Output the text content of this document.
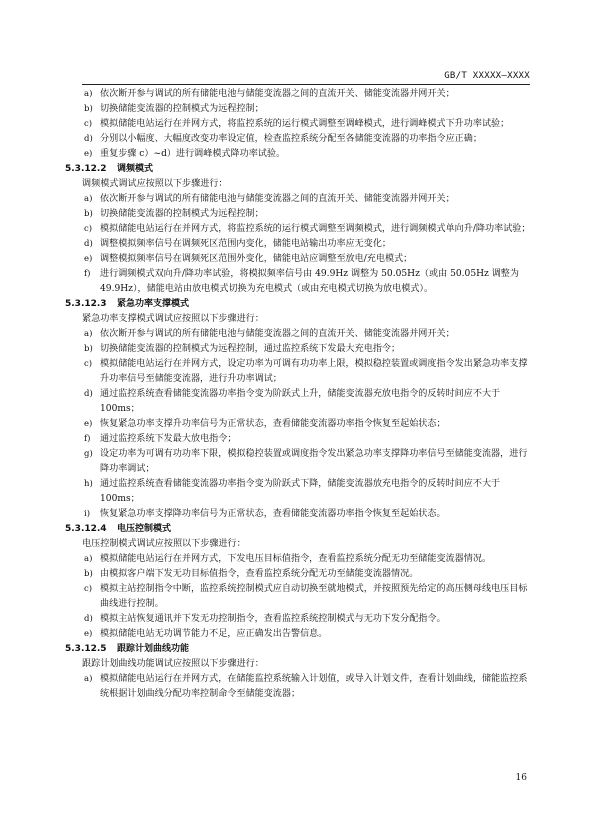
GB/T XXXXX—XXXX
a) 依次断开参与调试的所有储能电池与储能变流器之间的直流开关、储能变流器并网开关；
b) 切换储能变流器的控制模式为远程控制；
c) 模拟储能电站运行在并网方式，将监控系统的运行模式调整至调峰模式，进行调峰模式下升功率试验；
d) 分别以小幅度、大幅度改变功率设定值，检查监控系统分配至各储能变流器的功率指令应正确；
e) 重复步骤 c）~d）进行调峰模式降功率试验。
5.3.12.2 调频模式
调频模式调试应按照以下步骤进行：
a) 依次断开参与调试的所有储能电池与储能变流器之间的直流开关、储能变流器并网开关；
b) 切换储能变流器的控制模式为远程控制；
c) 模拟储能电站运行在并网方式，将监控系统的运行模式调整至调频模式，进行调频模式单向升/降功率试验；
d) 调整模拟频率信号在调频死区范围内变化，储能电站输出功率应无变化；
e) 调整模拟频率信号在调频死区范围外变化，储能电站应调整至放电/充电模式；
f)	进行调频模式双向升/降功率试验，将模拟频率信号由 49.9Hz 调整为 50.05Hz（或由 50.05Hz 调整为 49.9Hz），储能电站由放电模式切换为充电模式（或由充电模式切换为放电模式）。
5.3.12.3 紧急功率支撑模式
紧急功率支撑模式调试应按照以下步骤进行：
a) 依次断开参与调试的所有储能电池与储能变流器之间的直流开关、储能变流器并网开关；
b) 切换储能变流器的控制模式为远程控制，通过监控系统下发最大充电指令；
c) 模拟储能电站运行在并网方式，设定功率为可调有功功率上限，模拟稳控装置或调度指令发出紧急功率支撑升功率信号至储能变流器，进行升功率调试；
d) 通过监控系统查看储能变流器功率指令变为阶跃式上升，储能变流器充放电指令的反转时间应不大于 100ms；
e) 恢复紧急功率支撑升功率信号为正常状态，查看储能变流器功率指令恢复至起始状态；
f)	通过监控系统下发最大放电指令；
g) 设定功率为可调有功功率下限，模拟稳控装置或调度指令发出紧急功率支撑降功率信号至储能变流器，进行降功率调试；
h) 通过监控系统查看储能变流器功率指令变为阶跃式下降，储能变流器放充电指令的反转时间应不大于 100ms；
i)	恢复紧急功率支撑降功率信号为正常状态，查看储能变流器功率指令恢复至起始状态。
5.3.12.4 电压控制模式
电压控制模式调试应按照以下步骤进行：
a) 模拟储能电站运行在并网方式，下发电压目标值指令，查看监控系统分配无功至储能变流器情况。
b) 由模拟客户端下发无功目标值指令，查看监控系统分配无功至储能变流器情况。
c) 模拟主站控制指令中断，监控系统控制模式应自动切换至就地模式，并按照预先给定的高压侧母线电压目标曲线进行控制。
d) 模拟主站恢复通讯并下发无功控制指令，查看监控系统控制模式与无功下发分配指令。
e) 模拟储能电站无功调节能力不足，应正确发出告警信息。
5.3.12.5 跟踪计划曲线功能
跟踪计划曲线功能调试应按照以下步骤进行：
a) 模拟储能电站运行在并网方式，在储能监控系统输入计划值，或导入计划文件，查看计划曲线，储能监控系统根据计划曲线分配功率控制命令至储能变流器；
16
